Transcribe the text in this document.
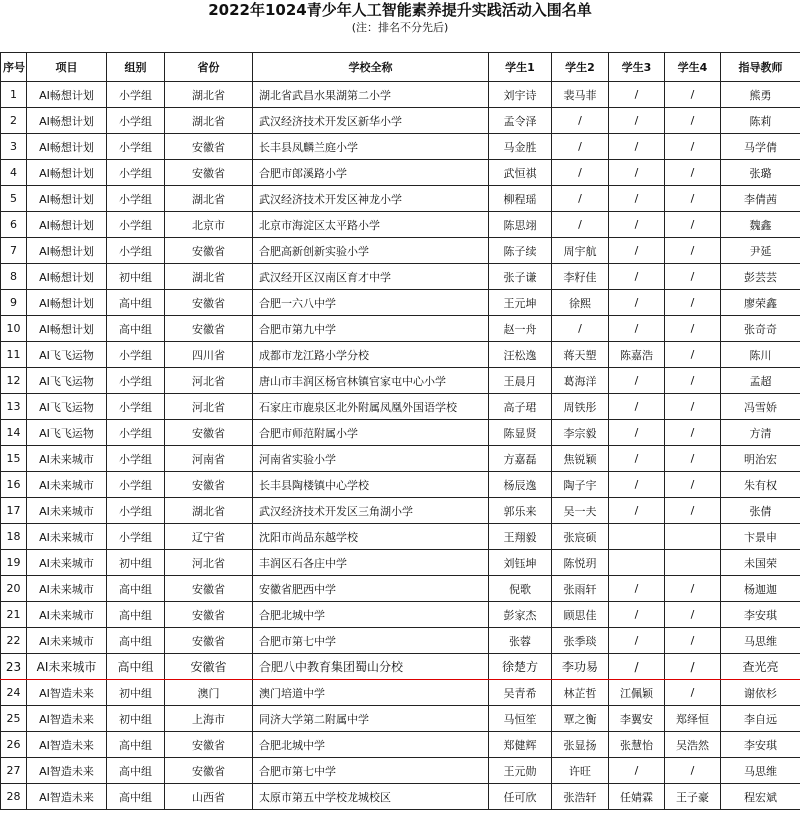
2022年1024青少年人工智能素养提升实践活动入围名单
(注：排名不分先后)
序号	项目	组别	省份	学校全称	学生1	学生2	学生3	学生4	指导教师
1	AI畅想计划	小学组	湖北省	湖北省武昌水果湖第二小学	刘宇诗	裴马菲	/	/	熊勇
2	AI畅想计划	小学组	湖北省	武汉经济技术开发区新华小学	孟令泽	/	/	/	陈莉
3	AI畅想计划	小学组	安徽省	长丰县凤麟兰庭小学	马金胜	/	/	/	马学倩
4	AI畅想计划	小学组	安徽省	合肥市郎溪路小学	武恒祺	/	/	/	张璐
5	AI畅想计划	小学组	湖北省	武汉经济技术开发区神龙小学	柳程瑶	/	/	/	李倩茜
6	AI畅想计划	小学组	北京市	北京市海淀区太平路小学	陈思翊	/	/	/	魏鑫
7	AI畅想计划	小学组	安徽省	合肥高新创新实验小学	陈子续	周宇航	/	/	尹延
8	AI畅想计划	初中组	湖北省	武汉经开区汉南区育才中学	张子谦	李籽佳	/	/	彭芸芸
9	AI畅想计划	高中组	安徽省	合肥一六八中学	王元坤	徐熙	/	/	廖荣鑫
10	AI畅想计划	高中组	安徽省	合肥市第九中学	赵一舟	/	/	/	张奇奇
11	AI飞飞运物	小学组	四川省	成都市龙江路小学分校	汪松逸	蒋天塑	陈嘉浩	/	陈川
12	AI飞飞运物	小学组	河北省	唐山市丰润区杨官林镇官家屯中心小学	王晨月	葛海洋	/	/	孟超
13	AI飞飞运物	小学组	河北省	石家庄市鹿泉区北外附属凤凰外国语学校	高子珺	周铁彤	/	/	冯雪娇
14	AI飞飞运物	小学组	安徽省	合肥市师范附属小学	陈显贤	李宗毅	/	/	方清
15	AI未来城市	小学组	河南省	河南省实验小学	方嘉磊	焦锐颖	/	/	明治宏
16	AI未来城市	小学组	安徽省	长丰县陶楼镇中心学校	杨辰逸	陶子宇	/	/	朱有权
17	AI未来城市	小学组	湖北省	武汉经济技术开发区三角湖小学	郭乐来	吴一夫	/	/	张倩
18	AI未来城市	小学组	辽宁省	沈阳市尚品东越学校	王翔毅	张宸硕			卞景申
19	AI未来城市	初中组	河北省	丰润区石各庄中学	刘钰坤	陈悦玥			未国荣
20	AI未来城市	高中组	安徽省	安徽省肥西中学	倪歌	张雨轩	/	/	杨迦迦
21	AI未来城市	高中组	安徽省	合肥北城中学	彭家杰	顾思佳	/	/	李安琪
22	AI未来城市	高中组	安徽省	合肥市第七中学	张蓉	张季琰	/	/	马思维
23	AI未来城市	高中组	安徽省	合肥八中教育集团蜀山分校	徐楚方	李功易	/	/	查光亮
24	AI智造未来	初中组	澳门	澳门培道中学	吴青希	林芷哲	江佩颖	/	谢依杉
25	AI智造未来	初中组	上海市	同济大学第二附属中学	马恒笙	覃之衡	李翼安	郑绎恒	李自远
26	AI智造未来	高中组	安徽省	合肥北城中学	郑健辉	张显扬	张慧怡	吴浩然	李安琪
27	AI智造未来	高中组	安徽省	合肥市第七中学	王元勋	许旺	/	/	马思维
28	AI智造未来	高中组	山西省	太原市第五中学校龙城校区	任可欣	张浩轩	任婧霖	王子豪	程宏斌
